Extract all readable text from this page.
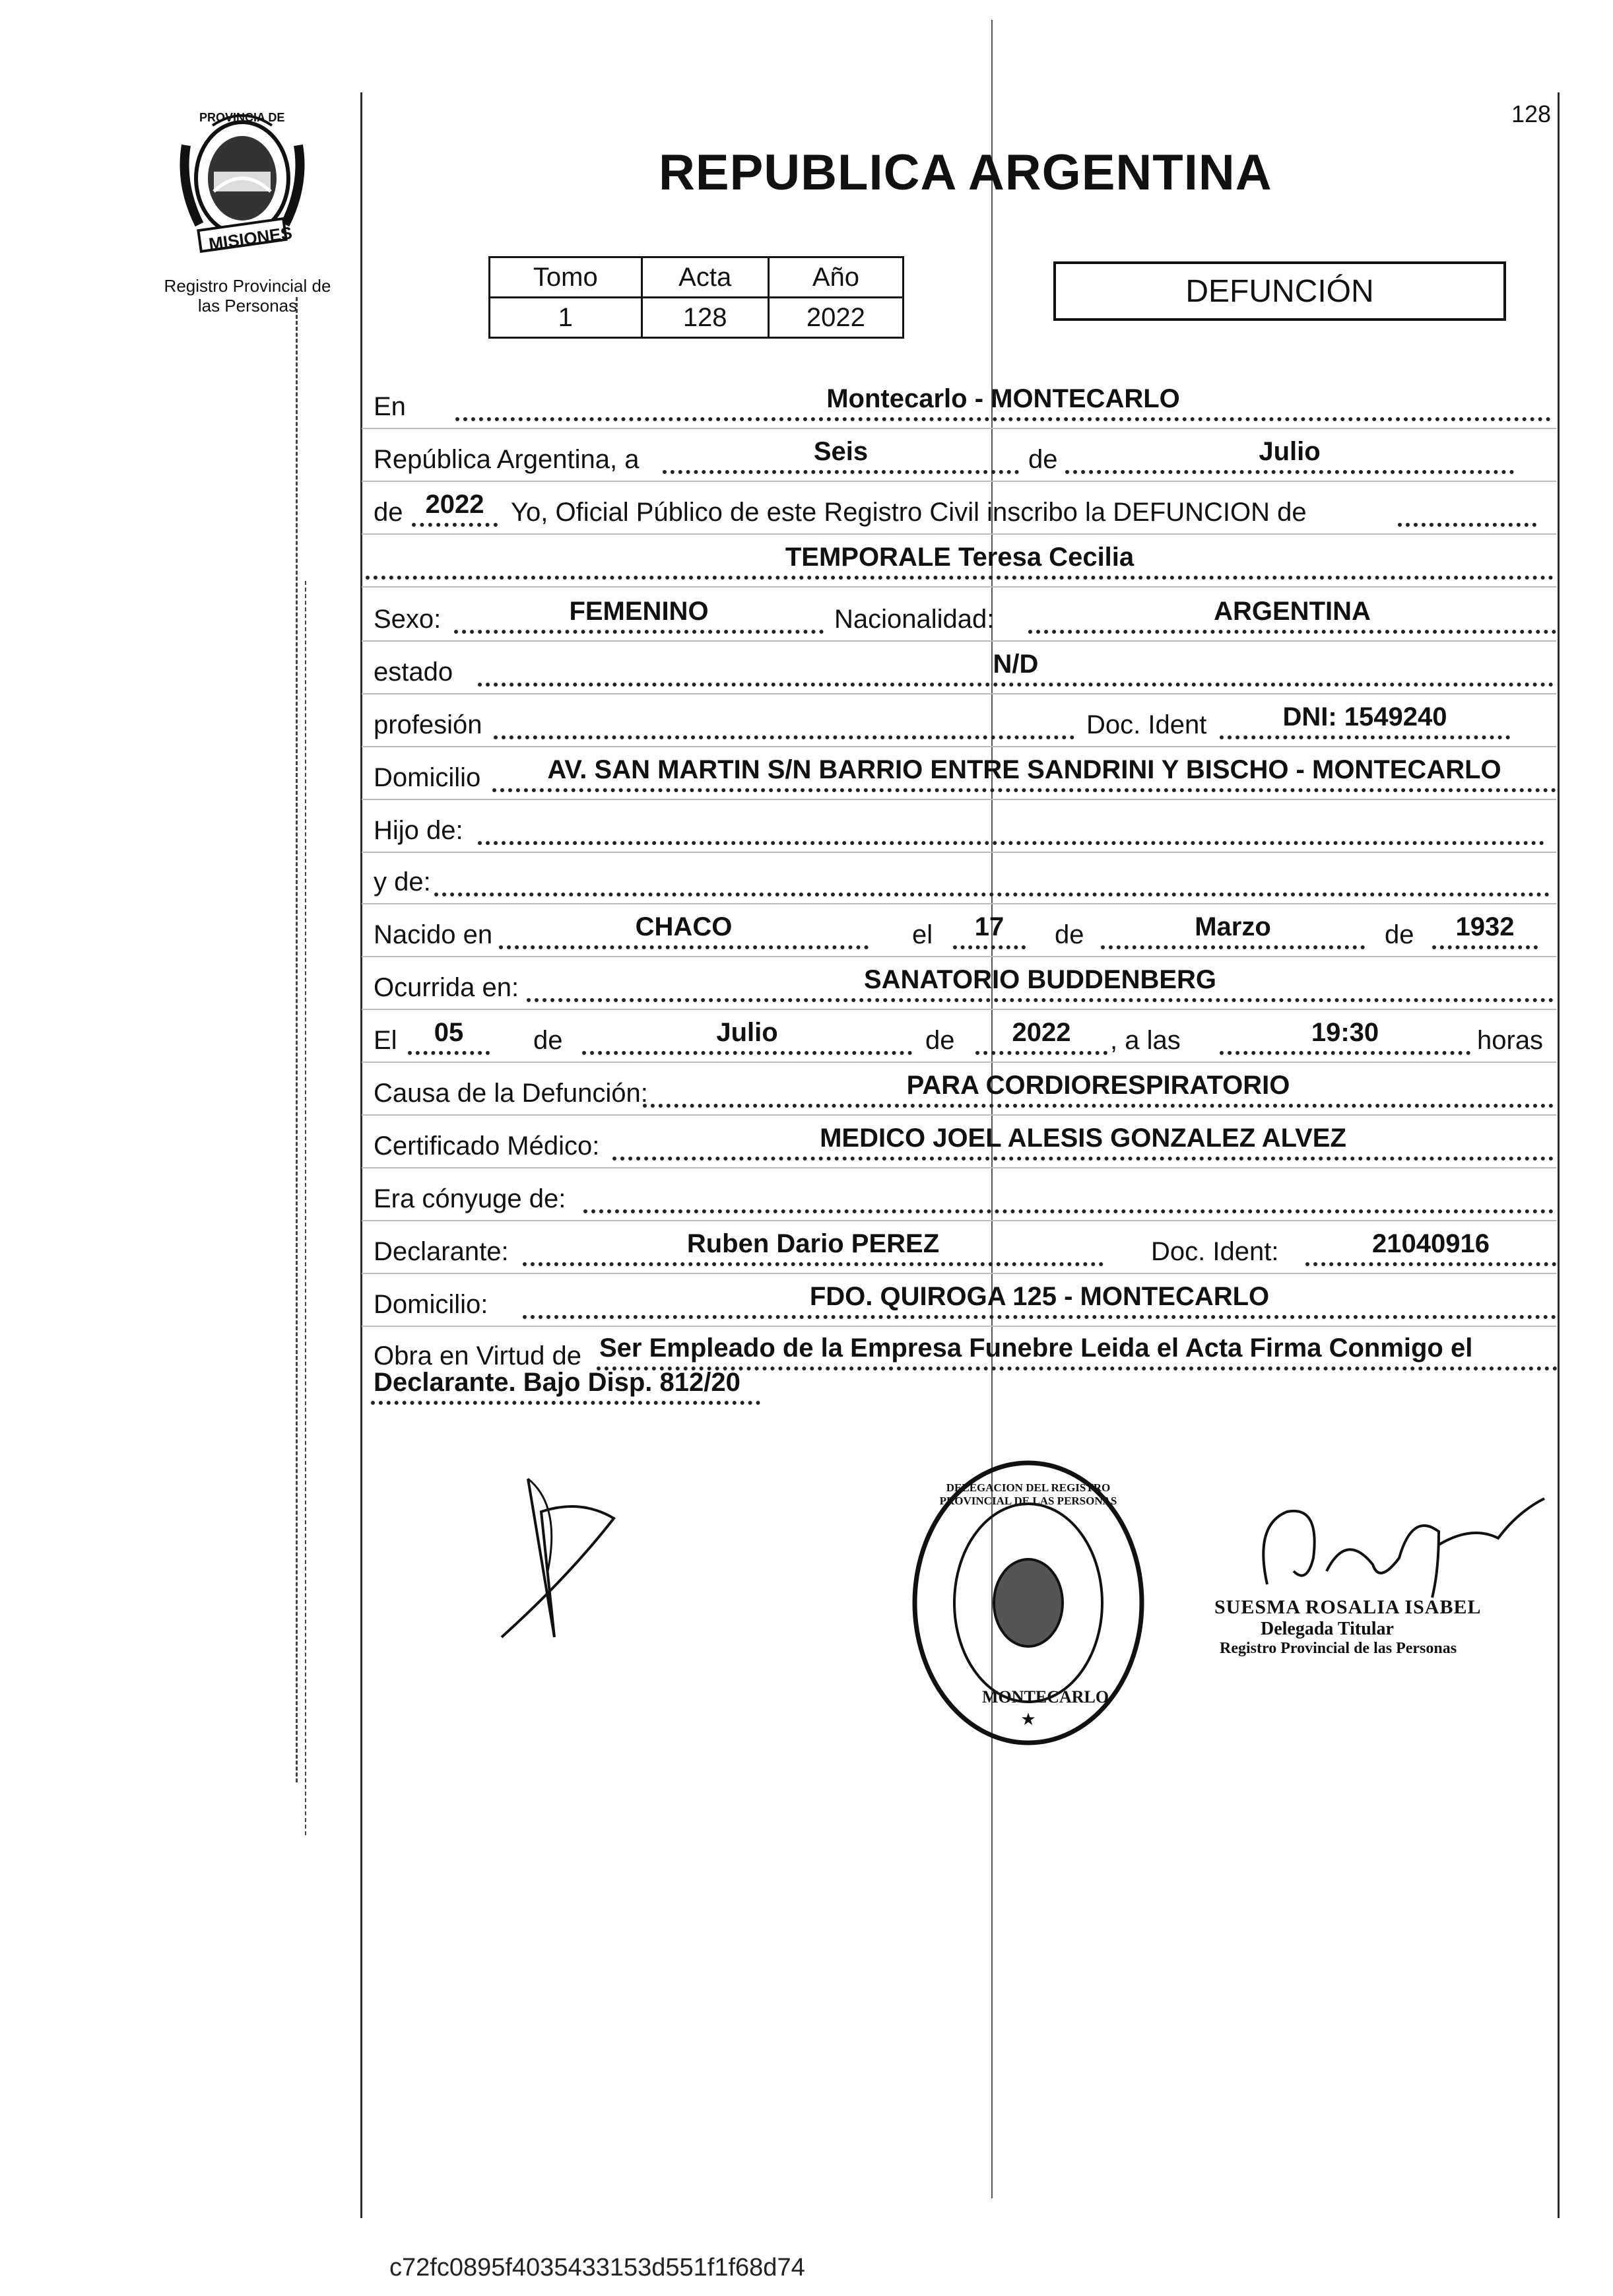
PROVINCIA DE
MISIONES
Registro Provincial de
las Personas
128
REPUBLICA ARGENTINA
Tomo	Acta	Año
1	128	2022
DEFUNCIÓN
En	Montecarlo - MONTECARLO
República Argentina, a	Seis	de	Julio
de 2022	Yo, Oficial Público de este Registro Civil inscribo la DEFUNCION de
TEMPORALE Teresa Cecilia
Sexo:	FEMENINO	Nacionalidad:	ARGENTINA
estado	N/D
profesión	Doc. Ident	DNI: 1549240
Domicilio	AV. SAN MARTIN S/N BARRIO ENTRE SANDRINI Y BISCHO - MONTECARLO
Hijo de:
y de:
Nacido en	CHACO	el	17	de	Marzo	de	1932
Ocurrida en:	SANATORIO BUDDENBERG
El	05	de	Julio	de	2022	, a las	19:30	horas
Causa de la Defunción:	PARA CORDIORESPIRATORIO
Certificado Médico:	MEDICO JOEL ALESIS GONZALEZ ALVEZ
Era cónyuge de:
Declarante:	Ruben Dario PEREZ	Doc. Ident:	21040916
Domicilio:	FDO. QUIROGA 125 - MONTECARLO
Obra en Virtud de Ser Empleado de la Empresa Funebre Leida el Acta Firma Conmigo el
Declarante. Bajo Disp. 812/20
★
DELEGACION DEL REGISTRO PROVINCIAL DE LAS PERSONAS
MONTECARLO
SUESMA ROSALIA ISABEL
Delegada Titular
Registro Provincial de las Personas
c72fc0895f4035433153d551f1f68d74
